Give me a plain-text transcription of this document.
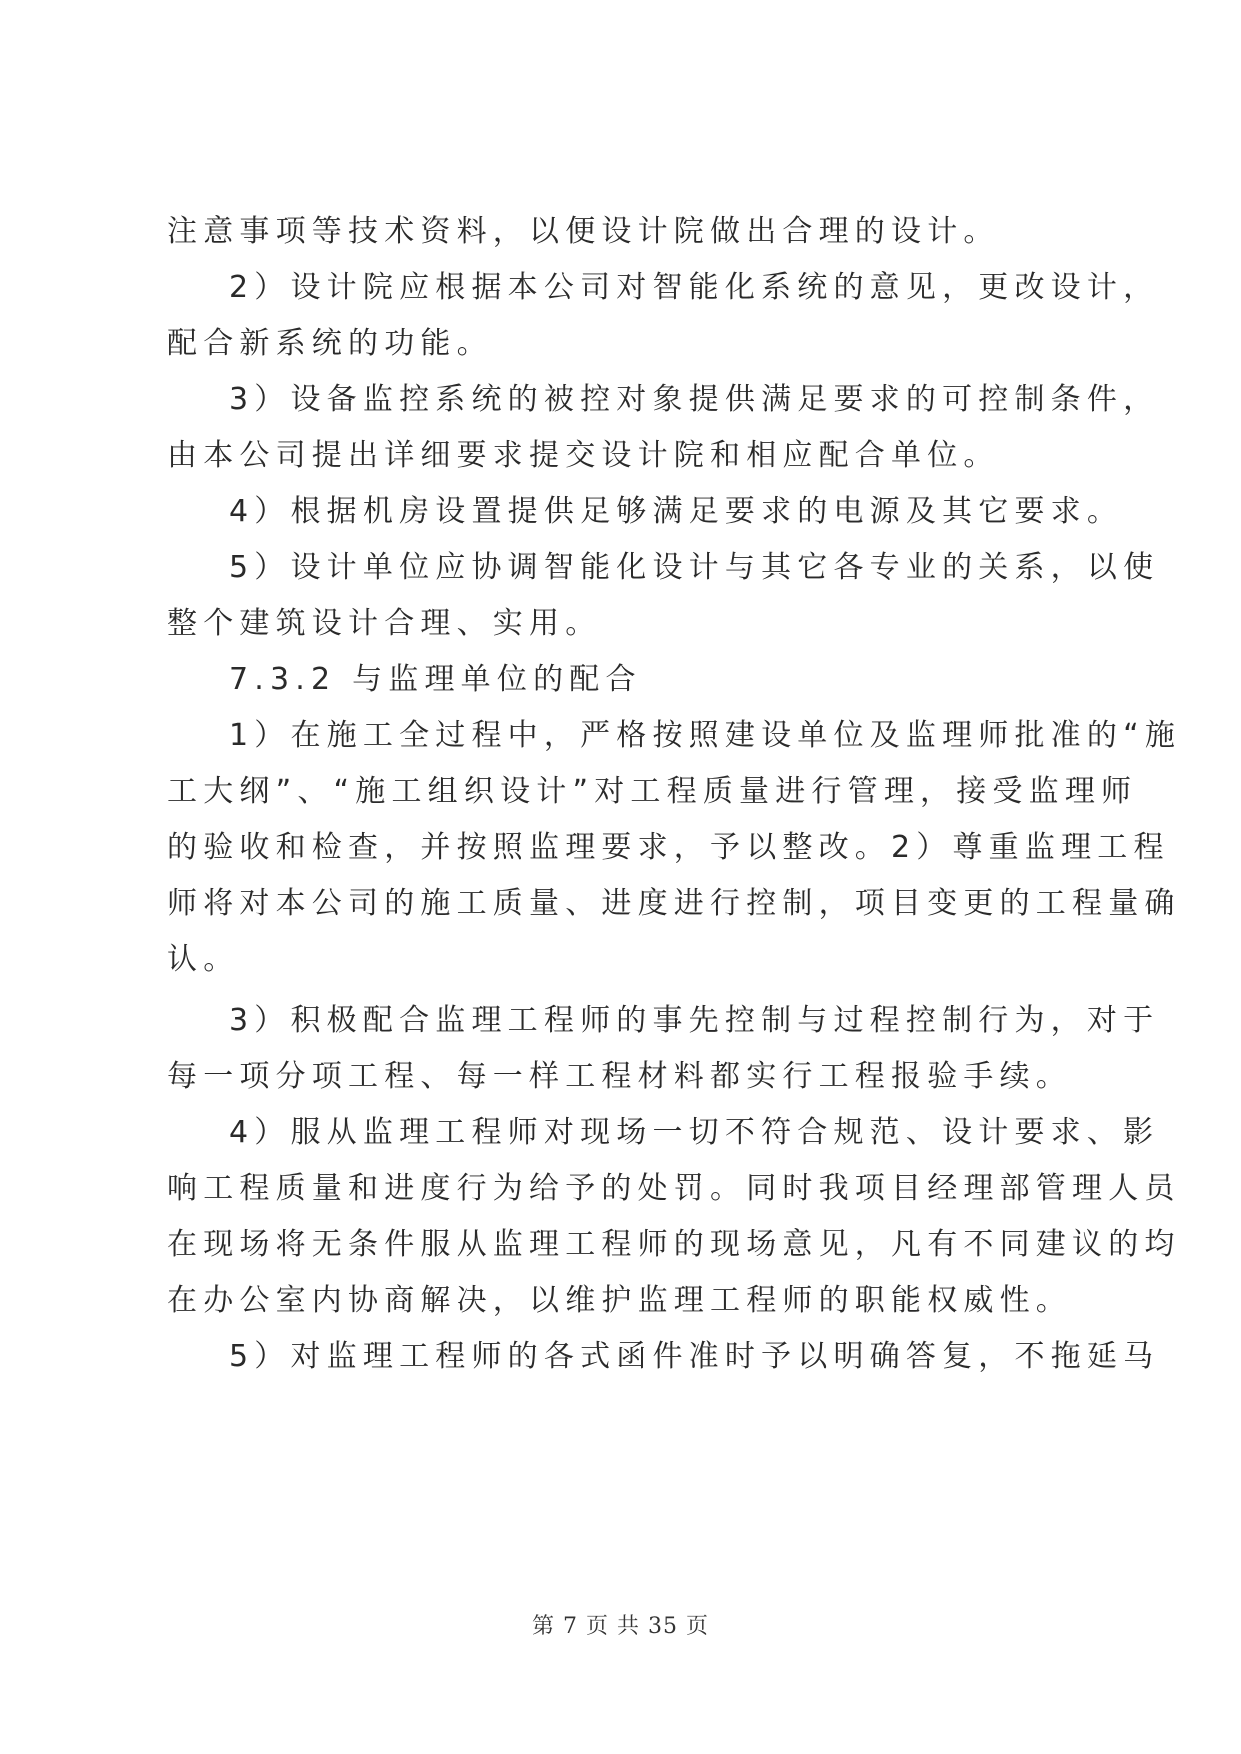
注意事项等技术资料，以便设计院做出合理的设计。
2）设计院应根据本公司对智能化系统的意见，更改设计，
配合新系统的功能。
3）设备监控系统的被控对象提供满足要求的可控制条件，
由本公司提出详细要求提交设计院和相应配合单位。
4）根据机房设置提供足够满足要求的电源及其它要求。
5）设计单位应协调智能化设计与其它各专业的关系，以使
整个建筑设计合理、实用。
7.3.2 与监理单位的配合
1）在施工全过程中，严格按照建设单位及监理师批准的“施
工大纲”、“施工组织设计”对工程质量进行管理，接受监理师
的验收和检查，并按照监理要求，予以整改。2）尊重监理工程
师将对本公司的施工质量、进度进行控制，项目变更的工程量确
认。
3）积极配合监理工程师的事先控制与过程控制行为，对于
每一项分项工程、每一样工程材料都实行工程报验手续。
4）服从监理工程师对现场一切不符合规范、设计要求、影
响工程质量和进度行为给予的处罚。同时我项目经理部管理人员
在现场将无条件服从监理工程师的现场意见，凡有不同建议的均
在办公室内协商解决，以维护监理工程师的职能权威性。
5）对监理工程师的各式函件准时予以明确答复，不拖延马
第 7 页 共 35 页
